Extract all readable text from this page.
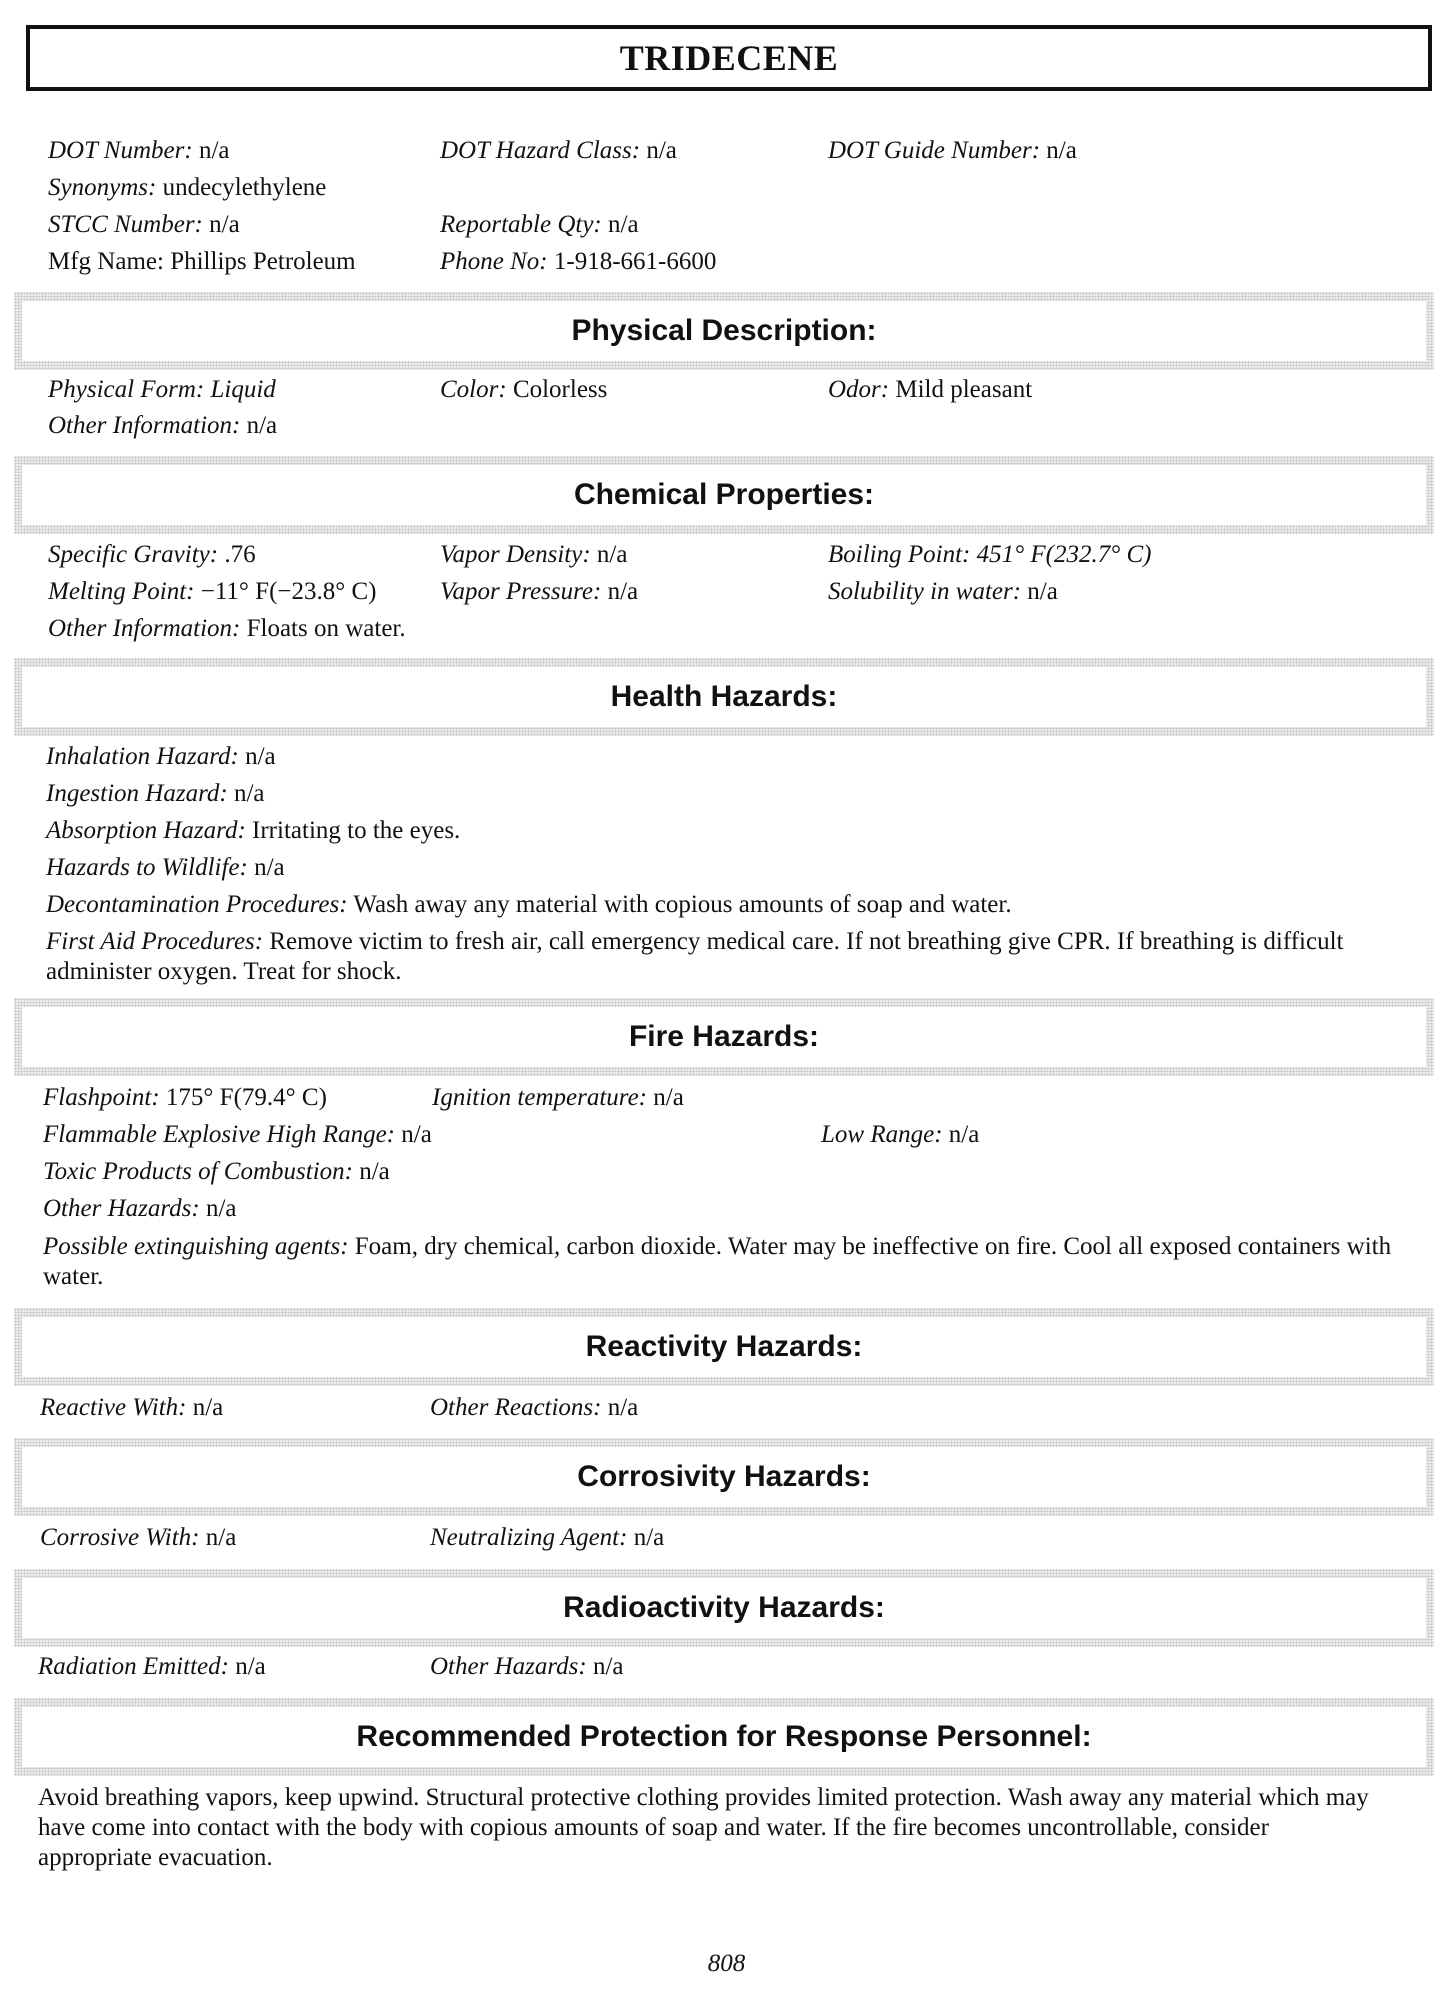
TRIDECENE
DOT Number: n/a	DOT Hazard Class: n/a	DOT Guide Number: n/a
Synonyms: undecylethylene
STCC Number: n/a	Reportable Qty: n/a
Mfg Name: Phillips Petroleum	Phone No: 1-918-661-6600
Physical Description:
Physical Form: Liquid	Color: Colorless	Odor: Mild pleasant
Other Information: n/a
Chemical Properties:
Specific Gravity: .76	Vapor Density: n/a	Boiling Point: 451° F(232.7° C)
Melting Point: −11° F(−23.8° C)	Vapor Pressure: n/a	Solubility in water: n/a
Other Information: Floats on water.
Health Hazards:
Inhalation Hazard: n/a
Ingestion Hazard: n/a
Absorption Hazard: Irritating to the eyes.
Hazards to Wildlife: n/a
Decontamination Procedures: Wash away any material with copious amounts of soap and water.
First Aid Procedures: Remove victim to fresh air, call emergency medical care. If not breathing give CPR. If breathing is difficult administer oxygen. Treat for shock.
Fire Hazards:
Flashpoint: 175° F(79.4° C)	Ignition temperature: n/a
Flammable Explosive High Range: n/a	Low Range: n/a
Toxic Products of Combustion: n/a
Other Hazards: n/a
Possible extinguishing agents: Foam, dry chemical, carbon dioxide. Water may be ineffective on fire. Cool all exposed containers with water.
Reactivity Hazards:
Reactive With: n/a	Other Reactions: n/a
Corrosivity Hazards:
Corrosive With: n/a	Neutralizing Agent: n/a
Radioactivity Hazards:
Radiation Emitted: n/a	Other Hazards: n/a
Recommended Protection for Response Personnel:
Avoid breathing vapors, keep upwind. Structural protective clothing provides limited protection. Wash away any material which may have come into contact with the body with copious amounts of soap and water. If the fire becomes uncontrollable, consider appropriate evacuation.
808
